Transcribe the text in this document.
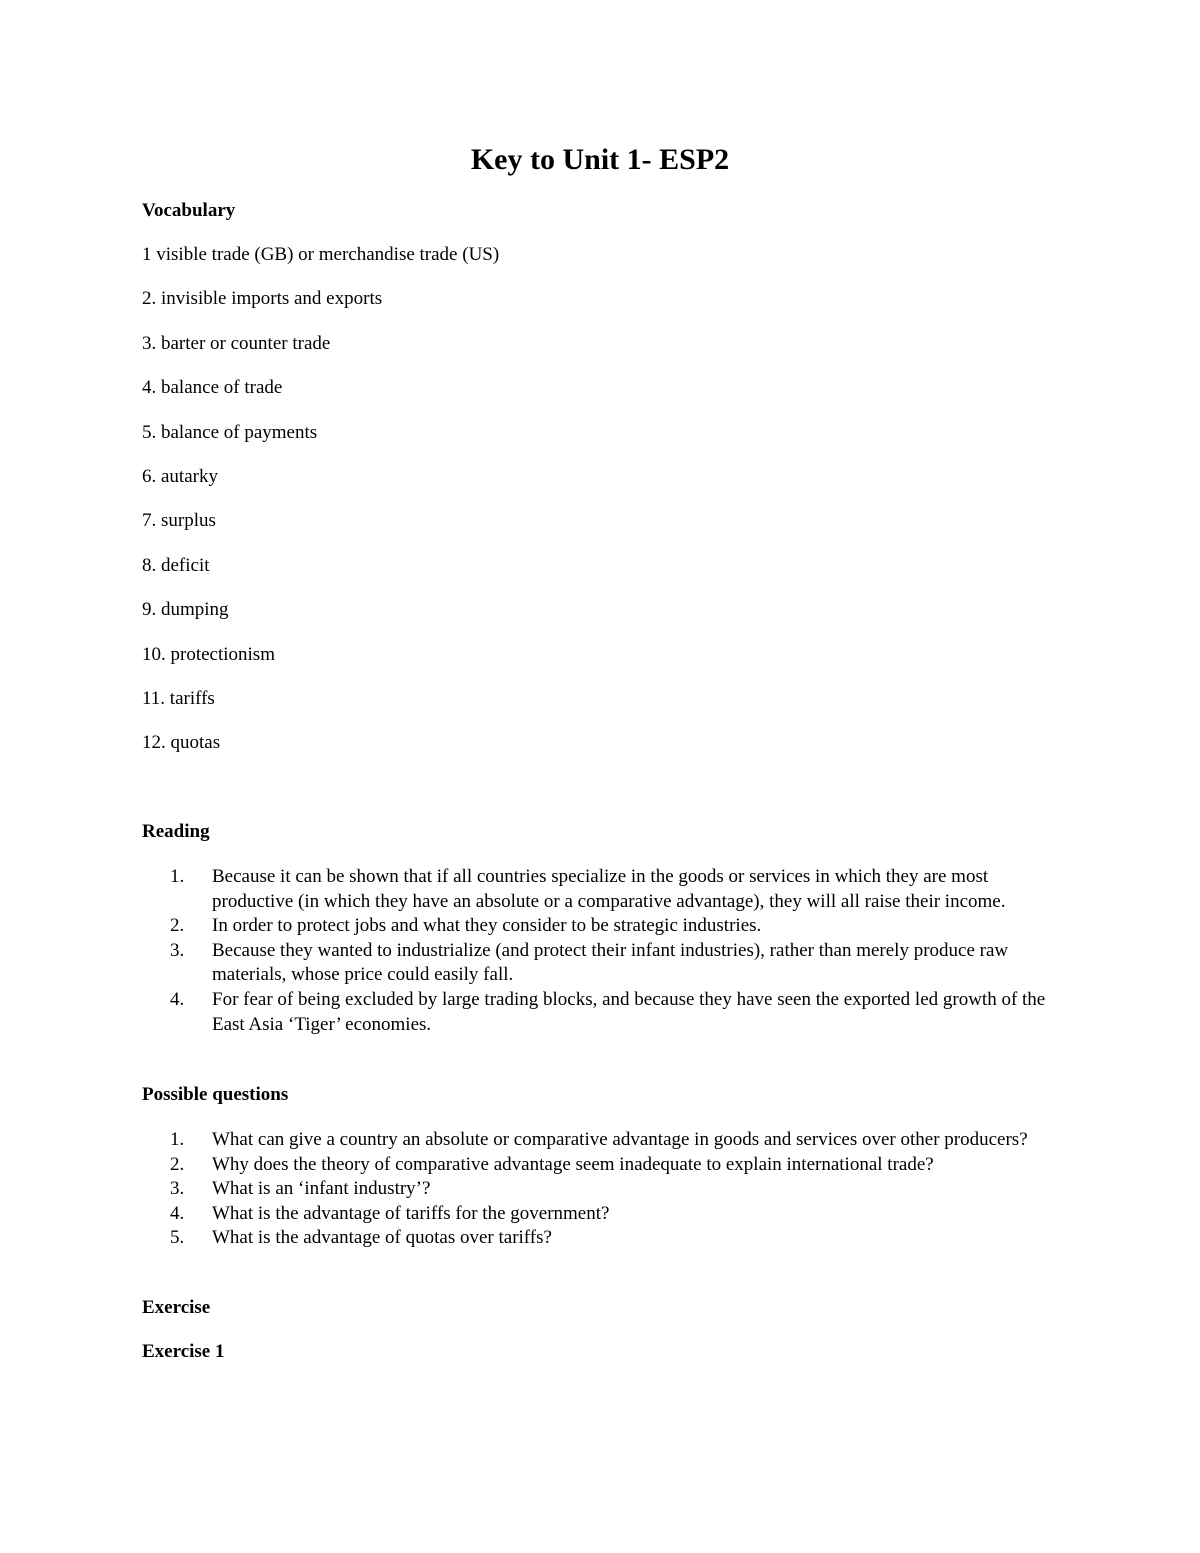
Key to Unit 1- ESP2
Vocabulary
1 visible trade (GB) or merchandise trade (US)
2. invisible imports and exports
3. barter or counter trade
4. balance of trade
5. balance of payments
6. autarky
7. surplus
8. deficit
9. dumping
10. protectionism
11. tariffs
12. quotas
Reading
1.	Because it can be shown that if all countries specialize in the goods or services in which they are most productive (in which they have an absolute or a comparative advantage), they will all raise their income.
2.	In order to protect jobs and what they consider to be strategic industries.
3.	Because they wanted to industrialize (and protect their infant industries), rather than merely produce raw materials, whose price could easily fall.
4.	For fear of being excluded by large trading blocks, and because they have seen the exported led growth of the East Asia ‘Tiger’ economies.
Possible questions
1.	What can give a country an absolute or comparative advantage in goods and services over other producers?
2.	Why does the theory of comparative advantage seem inadequate to explain international trade?
3.	What is an ‘infant industry’?
4.	What is the advantage of tariffs for the government?
5.	What is the advantage of quotas over tariffs?
Exercise
Exercise 1
